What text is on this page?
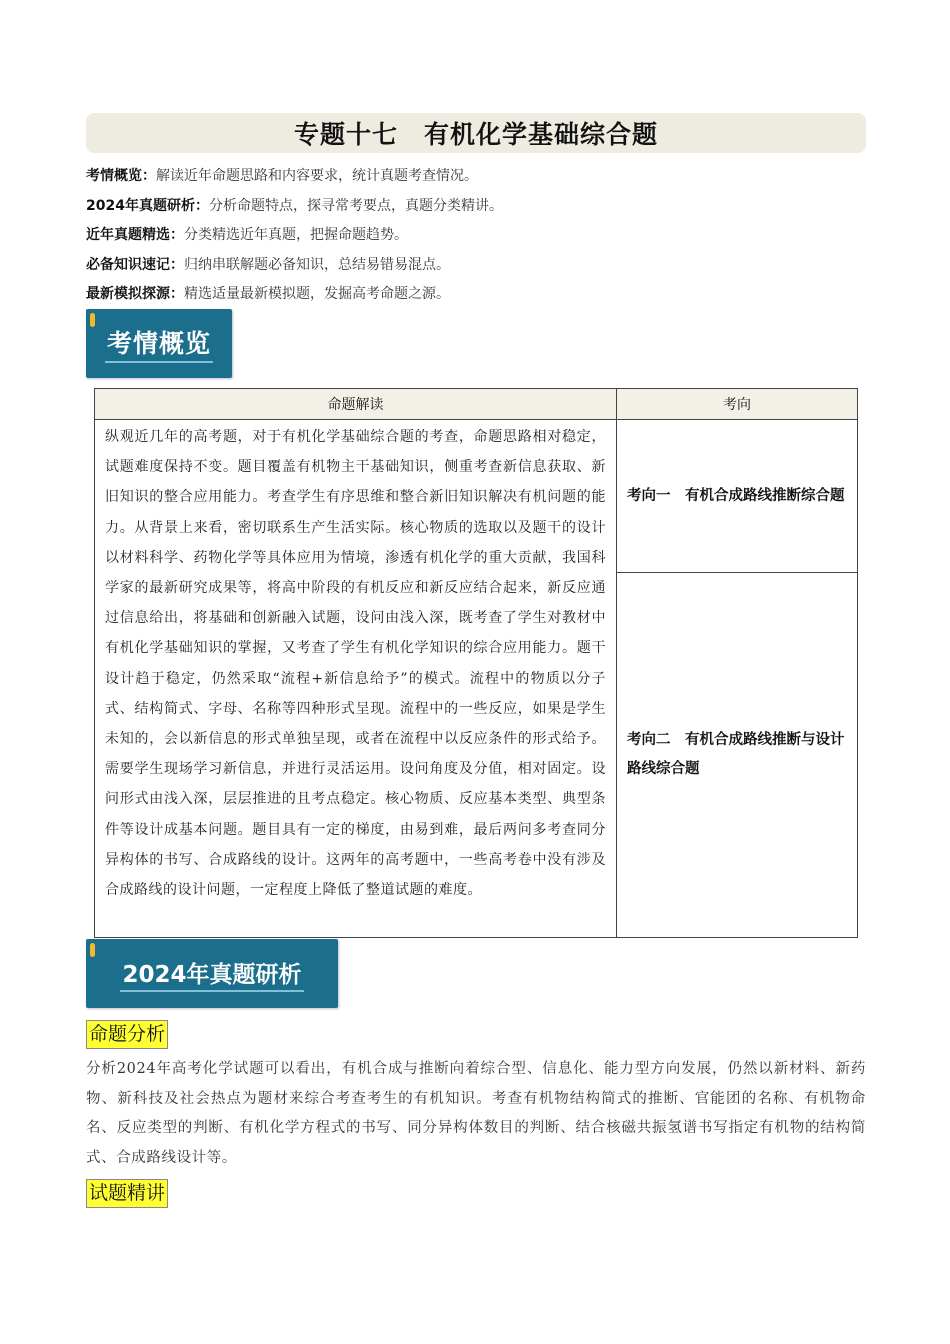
专题十七　有机化学基础综合题
考情概览：解读近年命题思路和内容要求，统计真题考查情况。
2024年真题研析：分析命题特点，探寻常考要点，真题分类精讲。
近年真题精选：分类精选近年真题，把握命题趋势。
必备知识速记：归纳串联解题必备知识，总结易错易混点。
最新模拟探源：精选适量最新模拟题，发掘高考命题之源。
考情概览
命题解读	考向
纵观近几年的高考题，对于有机化学基础综合题的考查，命题思路相对稳定，试题难度保持不变。题目覆盖有机物主干基础知识，侧重考查新信息获取、新旧知识的整合应用能力。考查学生有序思维和整合新旧知识解决有机问题的能力。从背景上来看，密切联系生产生活实际。核心物质的选取以及题干的设计以材料科学、药物化学等具体应用为情境，渗透有机化学的重大贡献，我国科学家的最新研究成果等，将高中阶段的有机反应和新反应结合起来，新反应通过信息给出，将基础和创新融入试题，设问由浅入深，既考查了学生对教材中有机化学基础知识的掌握，又考查了学生有机化学知识的综合应用能力。题干设计趋于稳定，仍然采取“流程+新信息给予”的模式。流程中的物质以分子式、结构简式、字母、名称等四种形式呈现。流程中的一些反应，如果是学生未知的，会以新信息的形式单独呈现，或者在流程中以反应条件的形式给予。需要学生现场学习新信息，并进行灵活运用。设问角度及分值，相对固定。设问形式由浅入深，层层推进的且考点稳定。核心物质、反应基本类型、典型条件等设计成基本问题。题目具有一定的梯度，由易到难，最后两问多考查同分异构体的书写、合成路线的设计。这两年的高考题中，一些高考卷中没有涉及合成路线的设计问题，一定程度上降低了整道试题的难度。	考向一　有机合成路线推断综合题
	考向二　有机合成路线推断与设计路线综合题
2024年真题研析
命题分析
分析2024年高考化学试题可以看出，有机合成与推断向着综合型、信息化、能力型方向发展，仍然以新材料、新药物、新科技及社会热点为题材来综合考查考生的有机知识。考查有机物结构简式的推断、官能团的名称、有机物命名、反应类型的判断、有机化学方程式的书写、同分异构体数目的判断、结合核磁共振氢谱书写指定有机物的结构简式、合成路线设计等。
试题精讲
